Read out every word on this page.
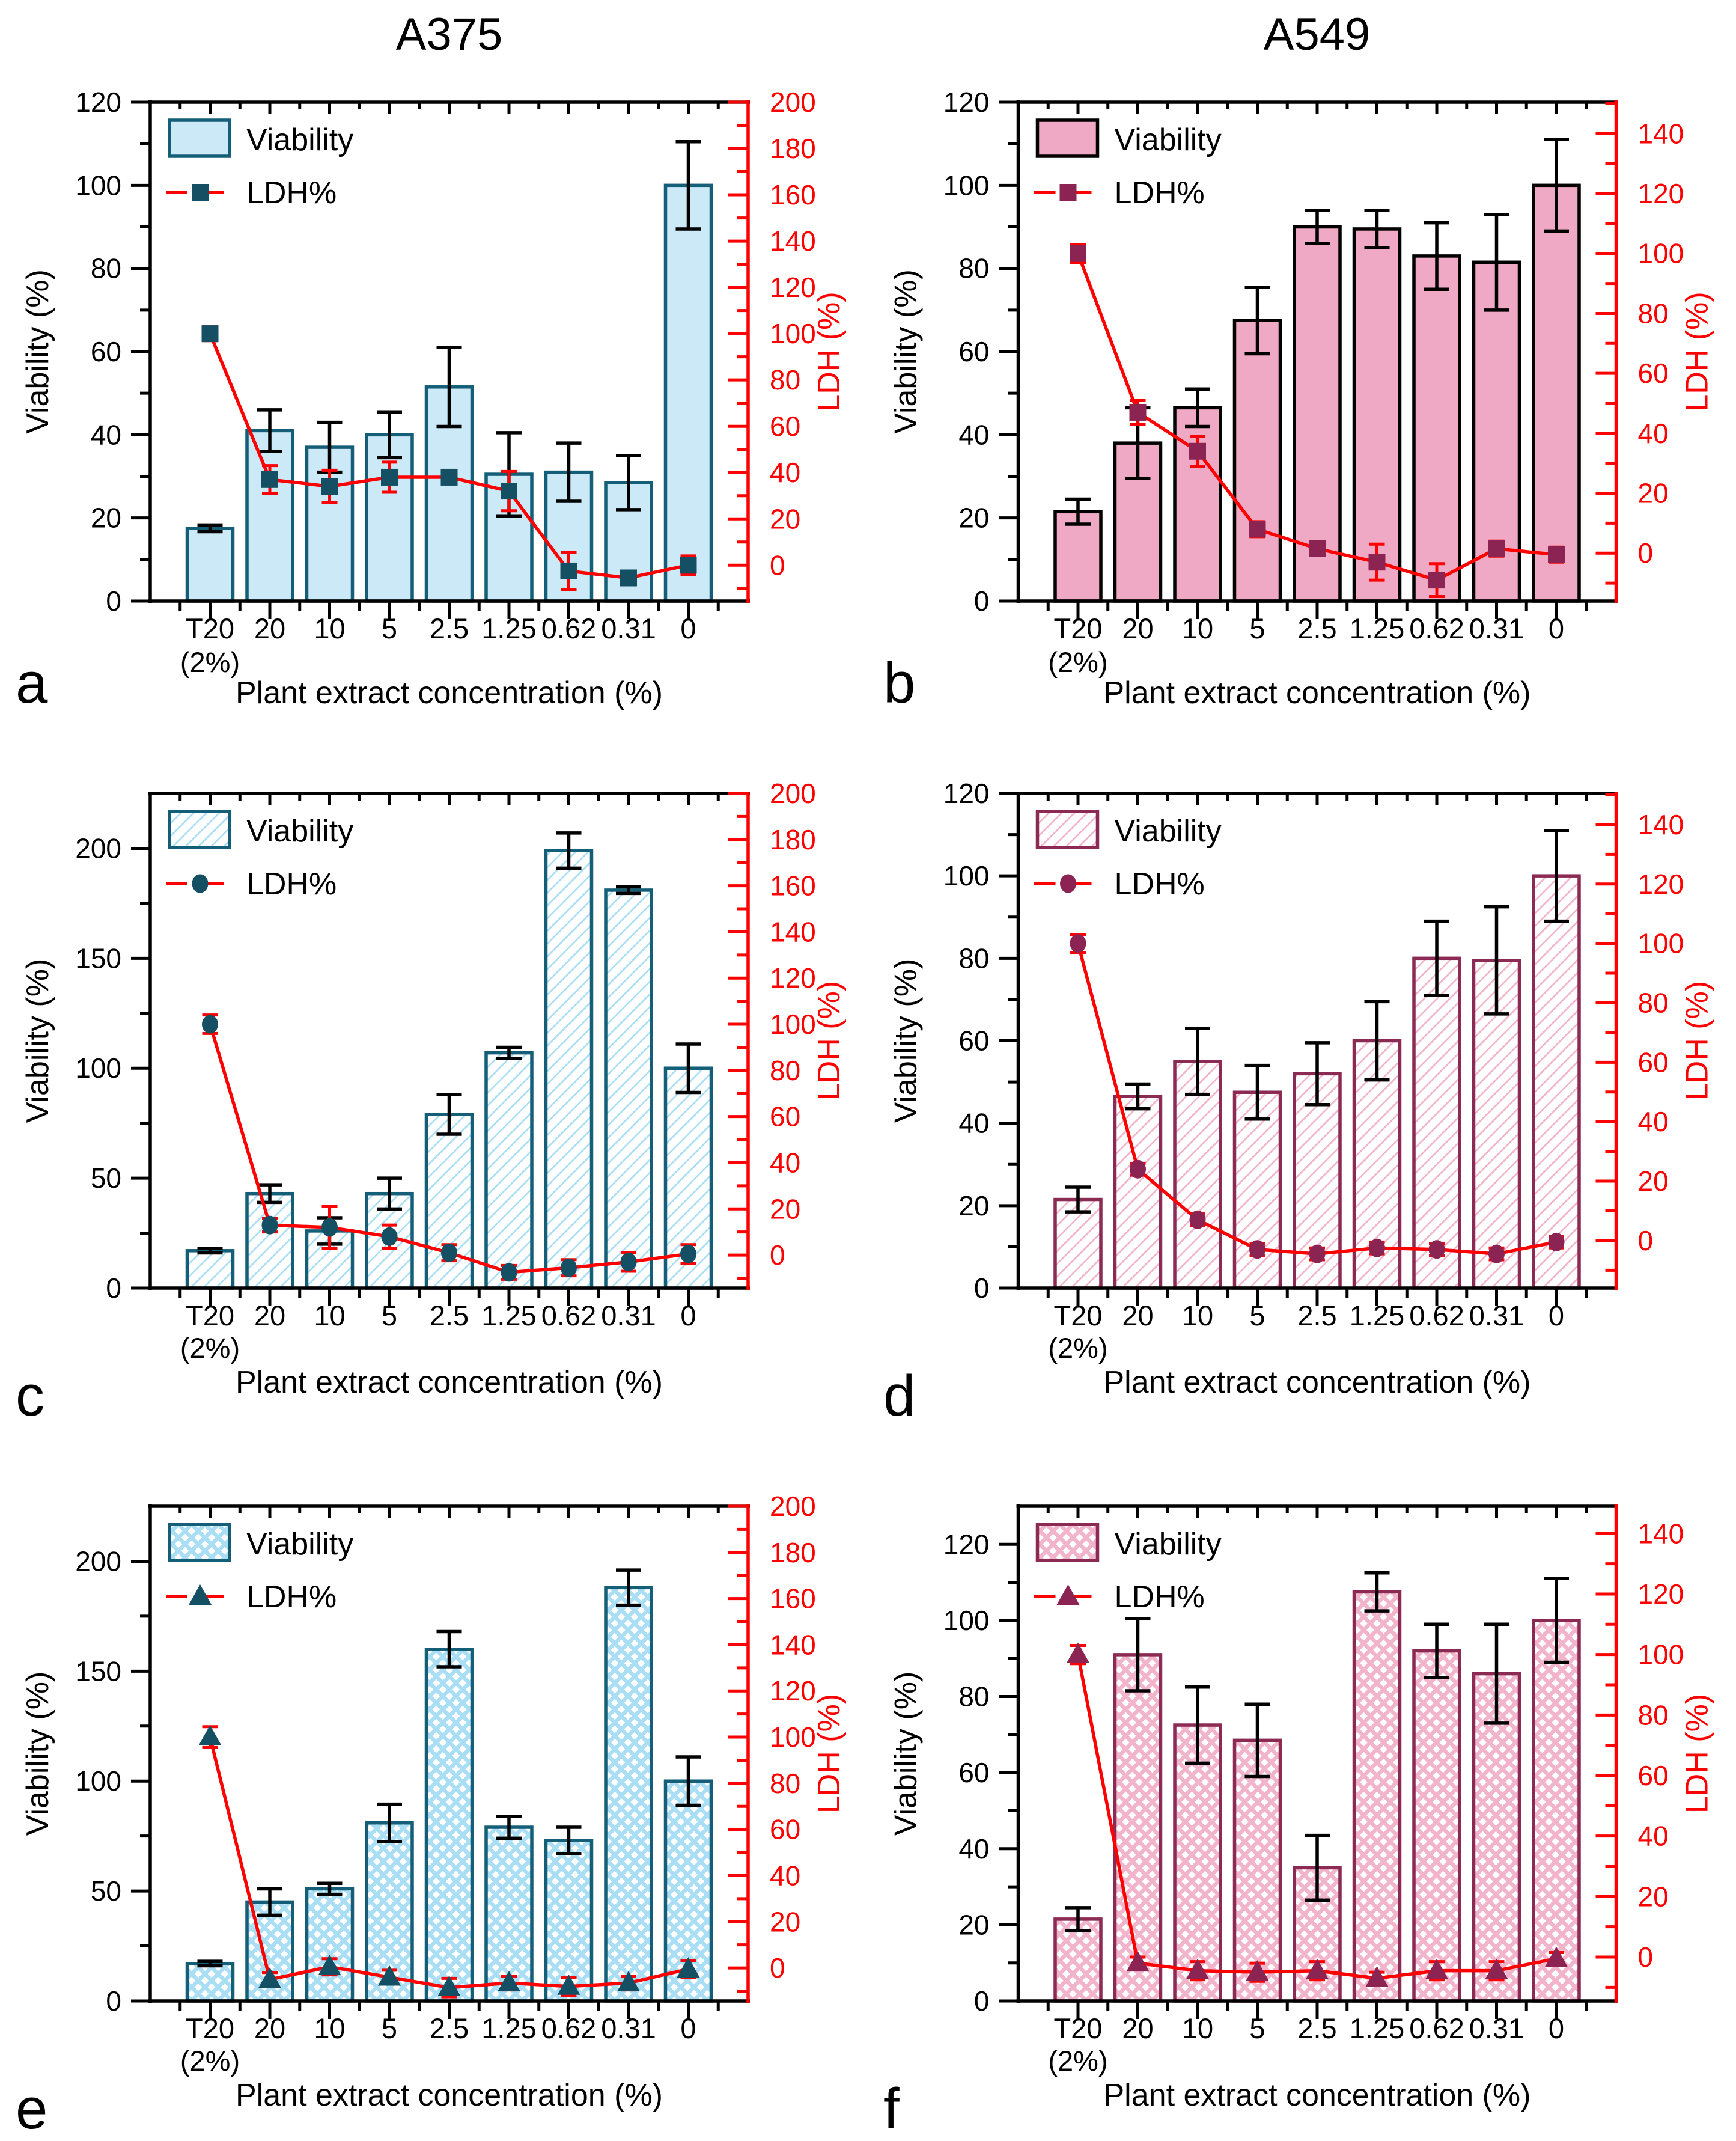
A375
0
20
40
60
80
100
120
0
20
40
60
80
100
120
140
160
180
200
T20
(2%)
20 10 5 2.5 1.25 0.62 0.31 0
Viability
LDH%
Viability (%)	LDH (%)
Plant extract concentration (%)
a
A549
0
20
40
60
80
100
120
0
20
40
60
80
100
120
140
T20
(2%)
20 10 5 2.5 1.25 0.62 0.31 0
Viability
LDH%
Viability (%)	LDH (%)
Plant extract concentration (%)
b
0
50
100
150
200
0
20
40
60
80
100
120
140
160
180
200
T20
(2%)
20 10 5 2.5 1.25 0.62 0.31 0
Viability
LDH%
Viability (%)	LDH (%)
Plant extract concentration (%)
c
0
20
40
60
80
100
120
0
20
40
60
80
100
120
140
T20
(2%)
20 10 5 2.5 1.25 0.62 0.31 0
Viability
LDH%
Viability (%)	LDH (%)
Plant extract concentration (%)
d
0
50
100
150
200
0
20
40
60
80
100
120
140
160
180
200
T20
(2%)
20 10 5 2.5 1.25 0.62 0.31 0
Viability
LDH%
Viability (%)	LDH (%)
Plant extract concentration (%)
e
0
20
40
60
80
100
120
0
20
40
60
80
100
120
140
T20
(2%)
20 10 5 2.5 1.25 0.62 0.31 0
Viability
LDH%
Viability (%)	LDH (%)
Plant extract concentration (%)
f
